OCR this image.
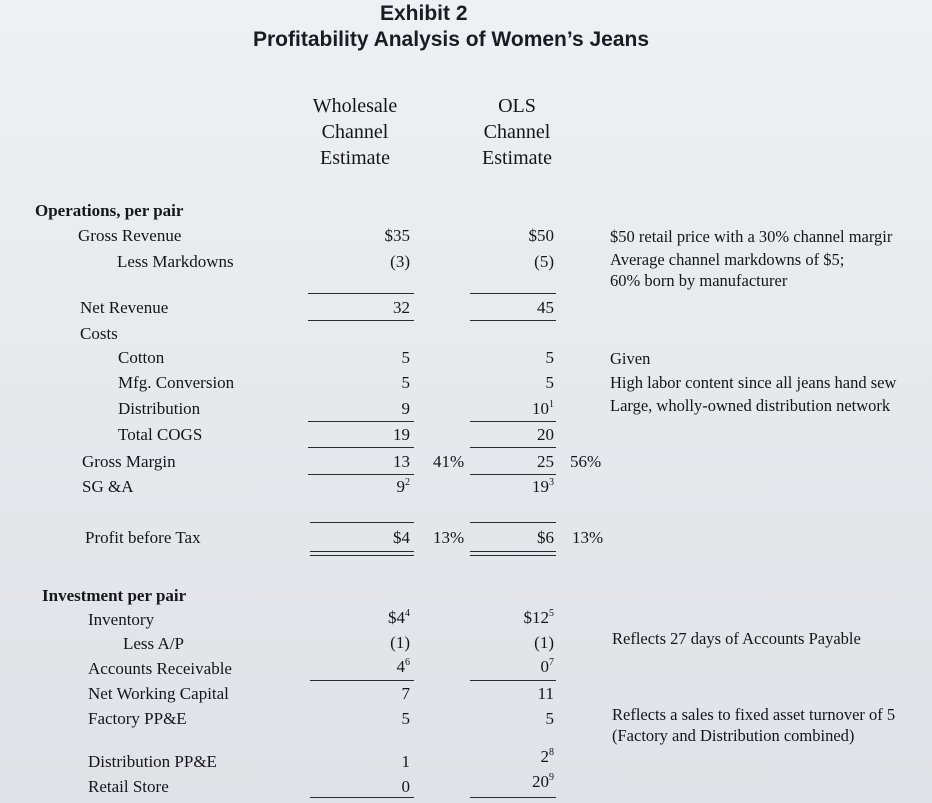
Exhibit 2
Profitability Analysis of Women’s Jeans
Wholesale
Channel
Estimate
OLS
Channel
Estimate
Operations, per pair
Gross Revenue
Less Markdowns
Net Revenue
Costs
Cotton
Mfg. Conversion
Distribution
Total COGS
Gross Margin
SG &A
Profit before Tax
$35
(3)
32
5
5
9
19
13 41%
$9^2$
$4 13%
$50
(5)
45
5
5
$10^1$
20
25 56%
$19^3$
$6 13%
$50 retail price with a 30% channel margir
Average channel markdowns of $5;
60% born by manufacturer
Given
High labor content since all jeans hand sew
Large, wholly-owned distribution network
Investment per pair
Inventory
Less A/P
Accounts Receivable
Net Working Capital
Factory PP&E
Distribution PP&E
Retail Store
$\$4^4$
(1)
$4^6$
7
5
1
0
$\$12^5$
(1)
$0^7$
11
5
$2^8$
$20^9$
Reflects 27 days of Accounts Payable
Reflects a sales to fixed asset turnover of 5
(Factory and Distribution combined)
